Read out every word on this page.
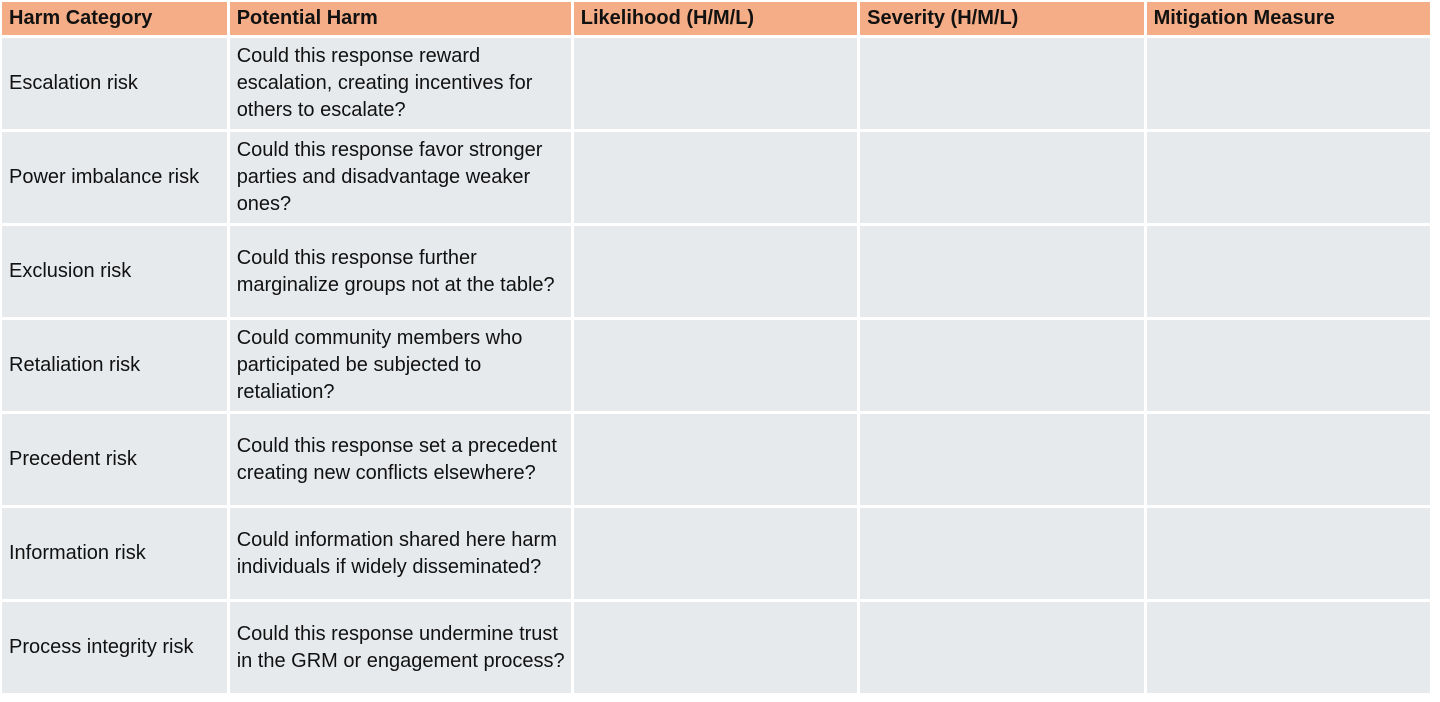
Harm Category	Potential Harm	Likelihood (H/M/L)	Severity (H/M/L)	Mitigation Measure
Escalation risk	Could this response reward escalation, creating incentives for others to escalate?			

Power imbalance risk	Could this response favor stronger parties and disadvantage weaker ones?			

Exclusion risk	Could this response further marginalize groups not at the table?			

Retaliation risk	Could community members who participated be subjected to retaliation?			

Precedent risk	Could this response set a precedent creating new conflicts elsewhere?			

Information risk	Could information shared here harm individuals if widely disseminated?			

Process integrity risk	Could this response undermine trust in the GRM or engagement process?			
